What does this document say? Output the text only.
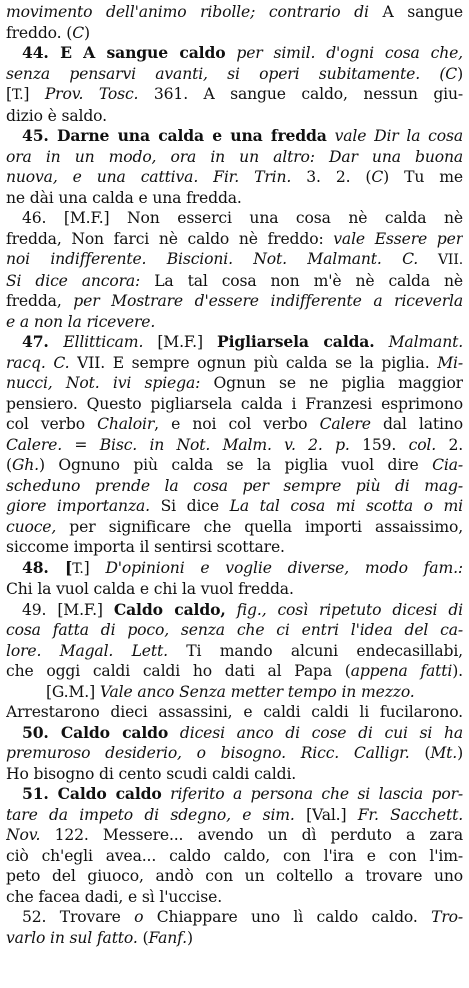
movimento dell'animo ribolle; contrario di A sangue
freddo. (C)
44. E A sangue caldo per simil. d'ogni cosa che,
senza pensarvi avanti, si operi subitamente. (C)
[T.] Prov. Tosc. 361. A sangue caldo, nessun giu-
dizio è saldo.
45. Darne una calda e una fredda vale Dir la cosa
ora in un modo, ora in un altro: Dar una buona
nuova, e una cattiva. Fir. Trin. 3. 2. (C) Tu me
ne dài una calda e una fredda.
46. [M.F.] Non esserci una cosa nè calda nè
fredda, Non farci nè caldo nè freddo: vale Essere per
noi indifferente. Biscioni. Not. Malmant. C. VII.
Si dice ancora: La tal cosa non m'è nè calda nè
fredda, per Mostrare d'essere indifferente a riceverla
e a non la ricevere.
47. Ellitticam. [M.F.] Pigliarsela calda. Malmant.
racq. C. VII. E sempre ognun più calda se la piglia. Mi-
nucci, Not. ivi spiega: Ognun se ne piglia maggior
pensiero. Questo pigliarsela calda i Franzesi esprimono
col verbo Chaloir, e noi col verbo Calere dal latino
Calere. = Bisc. in Not. Malm. v. 2. p. 159. col. 2.
(Gh.) Ognuno più calda se la piglia vuol dire Cia-
scheduno prende la cosa per sempre più di mag-
giore importanza. Si dice La tal cosa mi scotta o mi
cuoce, per significare che quella importi assaissimo,
siccome importa il sentirsi scottare.
48. [T.] D'opinioni e voglie diverse, modo fam.:
Chi la vuol calda e chi la vuol fredda.
49. [M.F.] Caldo caldo, fig., così ripetuto dicesi di
cosa fatta di poco, senza che ci entri l'idea del ca-
lore. Magal. Lett. Ti mando alcuni endecasillabi,
che oggi caldi caldi ho dati al Papa (appena fatti).
[G.M.] Vale anco Senza metter tempo in mezzo.
Arrestarono dieci assassini, e caldi caldi li fucilarono.
50. Caldo caldo dicesi anco di cose di cui si ha
premuroso desiderio, o bisogno. Ricc. Calligr. (Mt.)
Ho bisogno di cento scudi caldi caldi.
51. Caldo caldo riferito a persona che si lascia por-
tare da impeto di sdegno, e sim. [Val.] Fr. Sacchett.
Nov. 122. Messere... avendo un dì perduto a zara
ciò ch'egli avea... caldo caldo, con l'ira e con l'im-
peto del giuoco, andò con un coltello a trovare uno
che facea dadi, e sì l'uccise.
52. Trovare o Chiappare uno lì caldo caldo. Tro-
varlo in sul fatto. (Fanf.)
